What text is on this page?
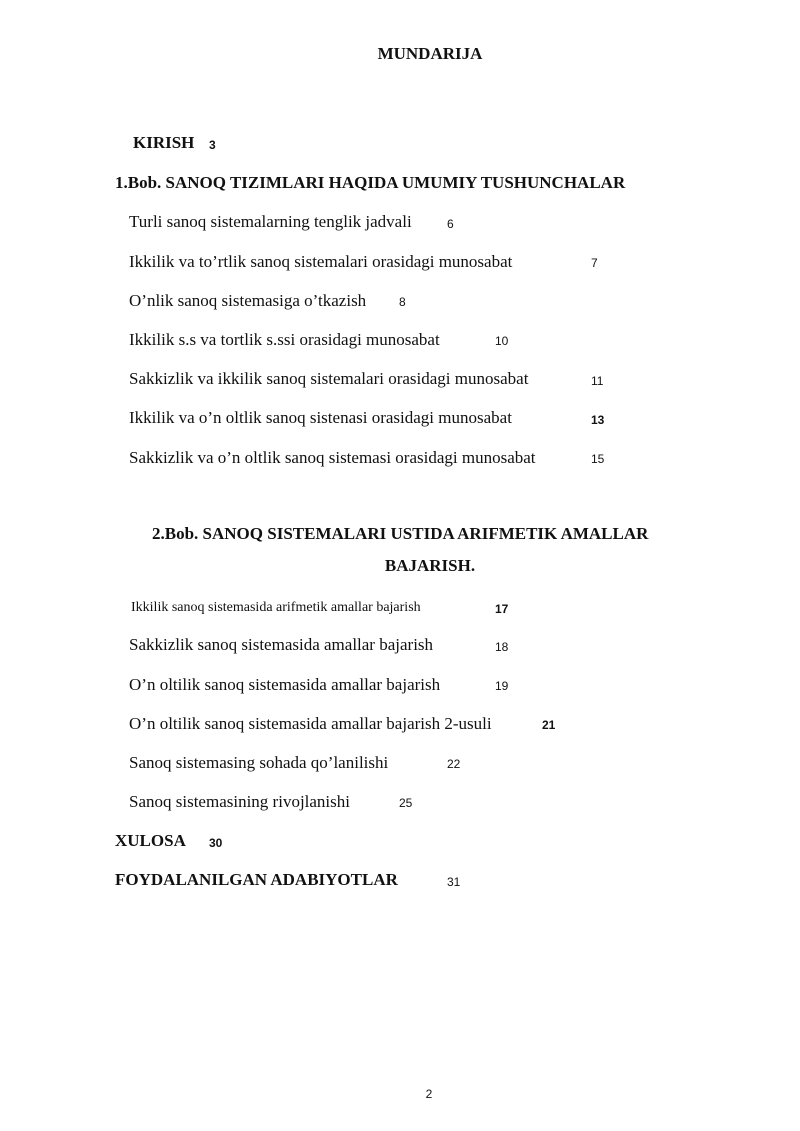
MUNDARIJA
KIRISH 3
1.Bob. SANOQ TIZIMLARI HAQIDA UMUMIY TUSHUNCHALAR
Turli sanoq sistemalarning tenglik jadvali	6
Ikkilik va to’rtlik sanoq sistemalari orasidagi munosabat	7
O’nlik sanoq sistemasiga o’tkazish	8
Ikkilik s.s va tortlik s.ssi orasidagi munosabat	10
Sakkizlik va ikkilik sanoq sistemalari orasidagi munosabat	11
Ikkilik va o’n oltlik sanoq sistenasi orasidagi munosabat	13
Sakkizlik va o’n oltlik sanoq sistemasi orasidagi munosabat	15
2.Bob. SANOQ SISTEMALARI USTIDA ARIFMETIK AMALLAR
BAJARISH.
Ikkilik sanoq sistemasida arifmetik amallar bajarish	17
Sakkizlik sanoq sistemasida amallar bajarish	18
O’n oltilik sanoq sistemasida amallar bajarish	19
O’n oltilik sanoq sistemasida amallar bajarish 2-usuli	21
Sanoq sistemasing sohada qo’lanilishi	22
Sanoq sistemasining rivojlanishi	25
XULOSA 30
FOYDALANILGAN ADABIYOTLAR	31
2
